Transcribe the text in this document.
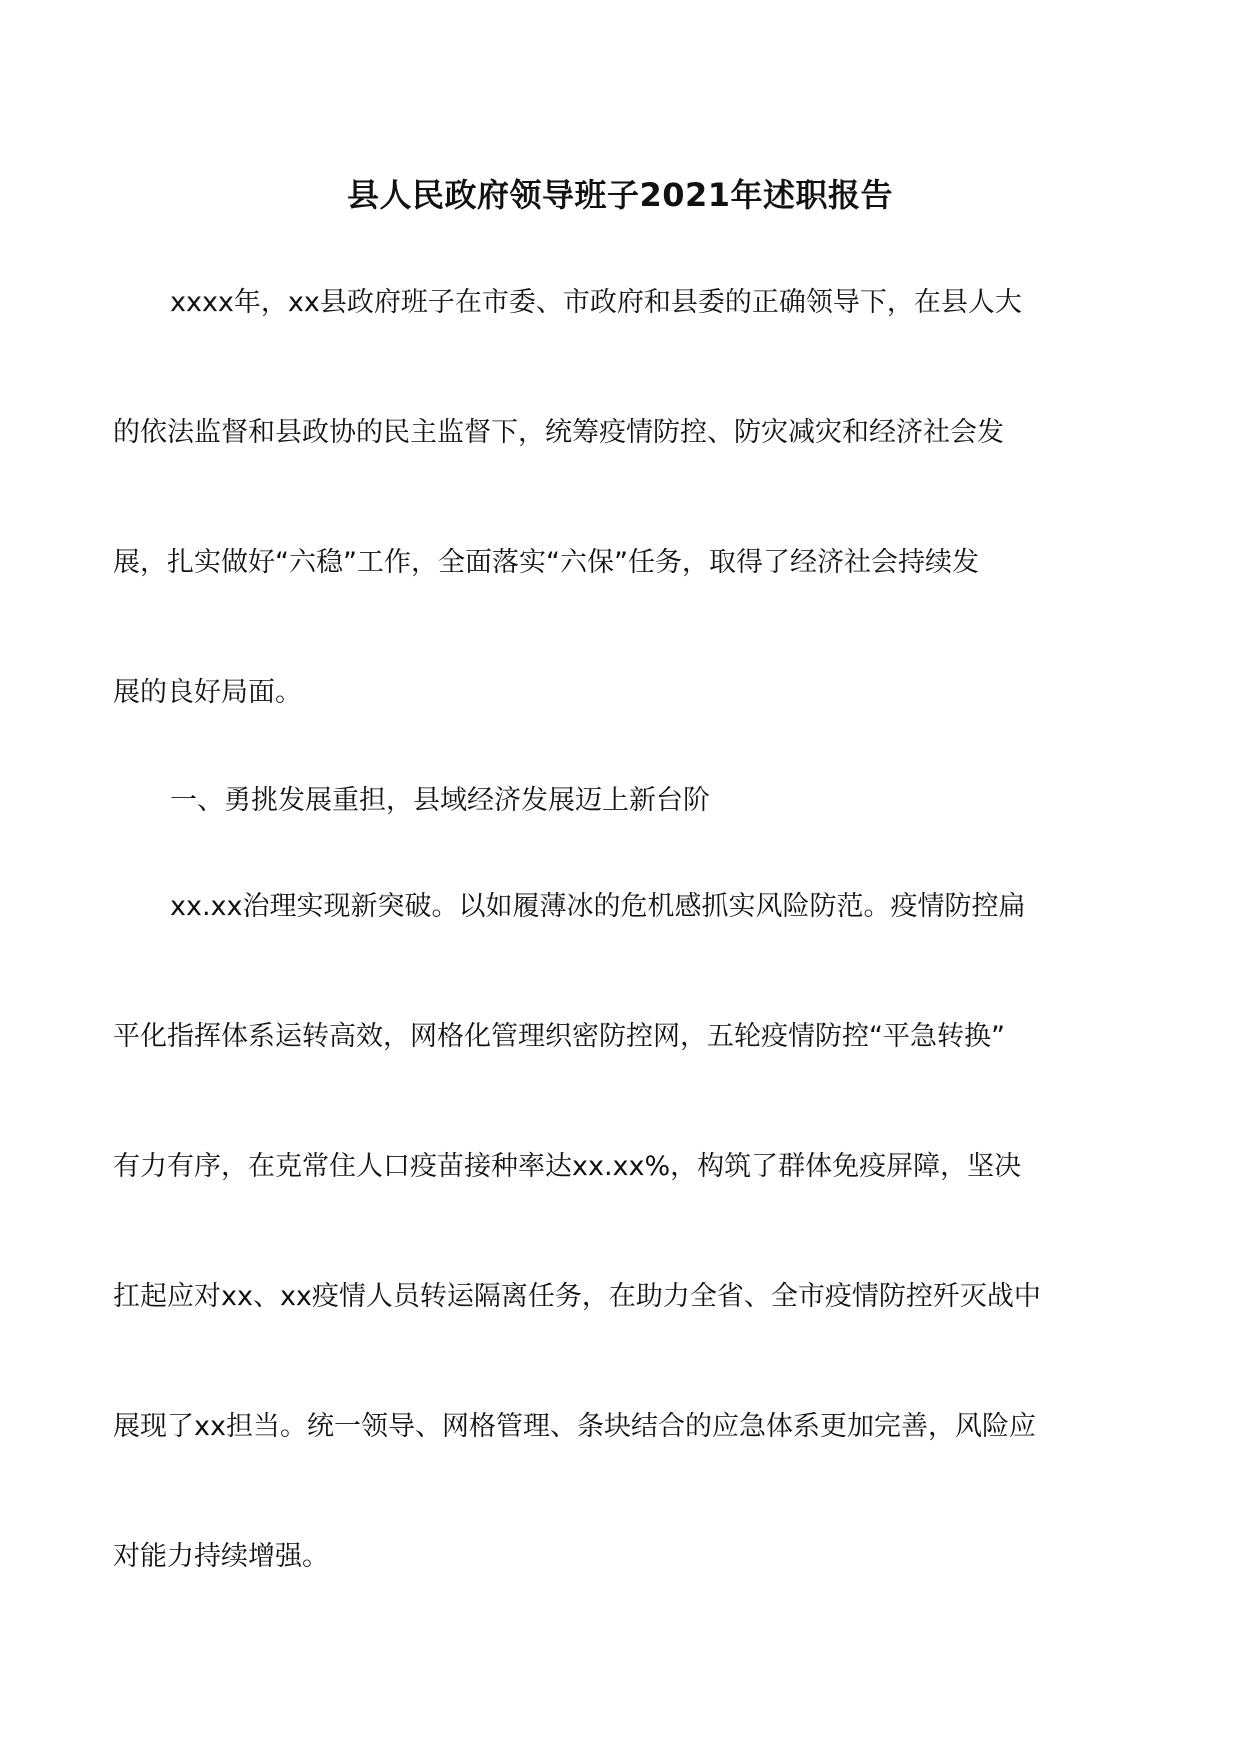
县人民政府领导班子2021年述职报告
xxxx年，xx县政府班子在市委、市政府和县委的正确领导下，在县人大
的依法监督和县政协的民主监督下，统筹疫情防控、防灾减灾和经济社会发
展，扎实做好“六稳”工作，全面落实“六保”任务，取得了经济社会持续发
展的良好局面。
一、勇挑发展重担，县域经济发展迈上新台阶
xx.xx治理实现新突破。以如履薄冰的危机感抓实风险防范。疫情防控扁
平化指挥体系运转高效，网格化管理织密防控网，五轮疫情防控“平急转换”
有力有序，在克常住人口疫苗接种率达xx.xx%，构筑了群体免疫屏障，坚决
扛起应对xx、xx疫情人员转运隔离任务，在助力全省、全市疫情防控歼灭战中
展现了xx担当。统一领导、网格管理、条块结合的应急体系更加完善，风险应
对能力持续增强。
